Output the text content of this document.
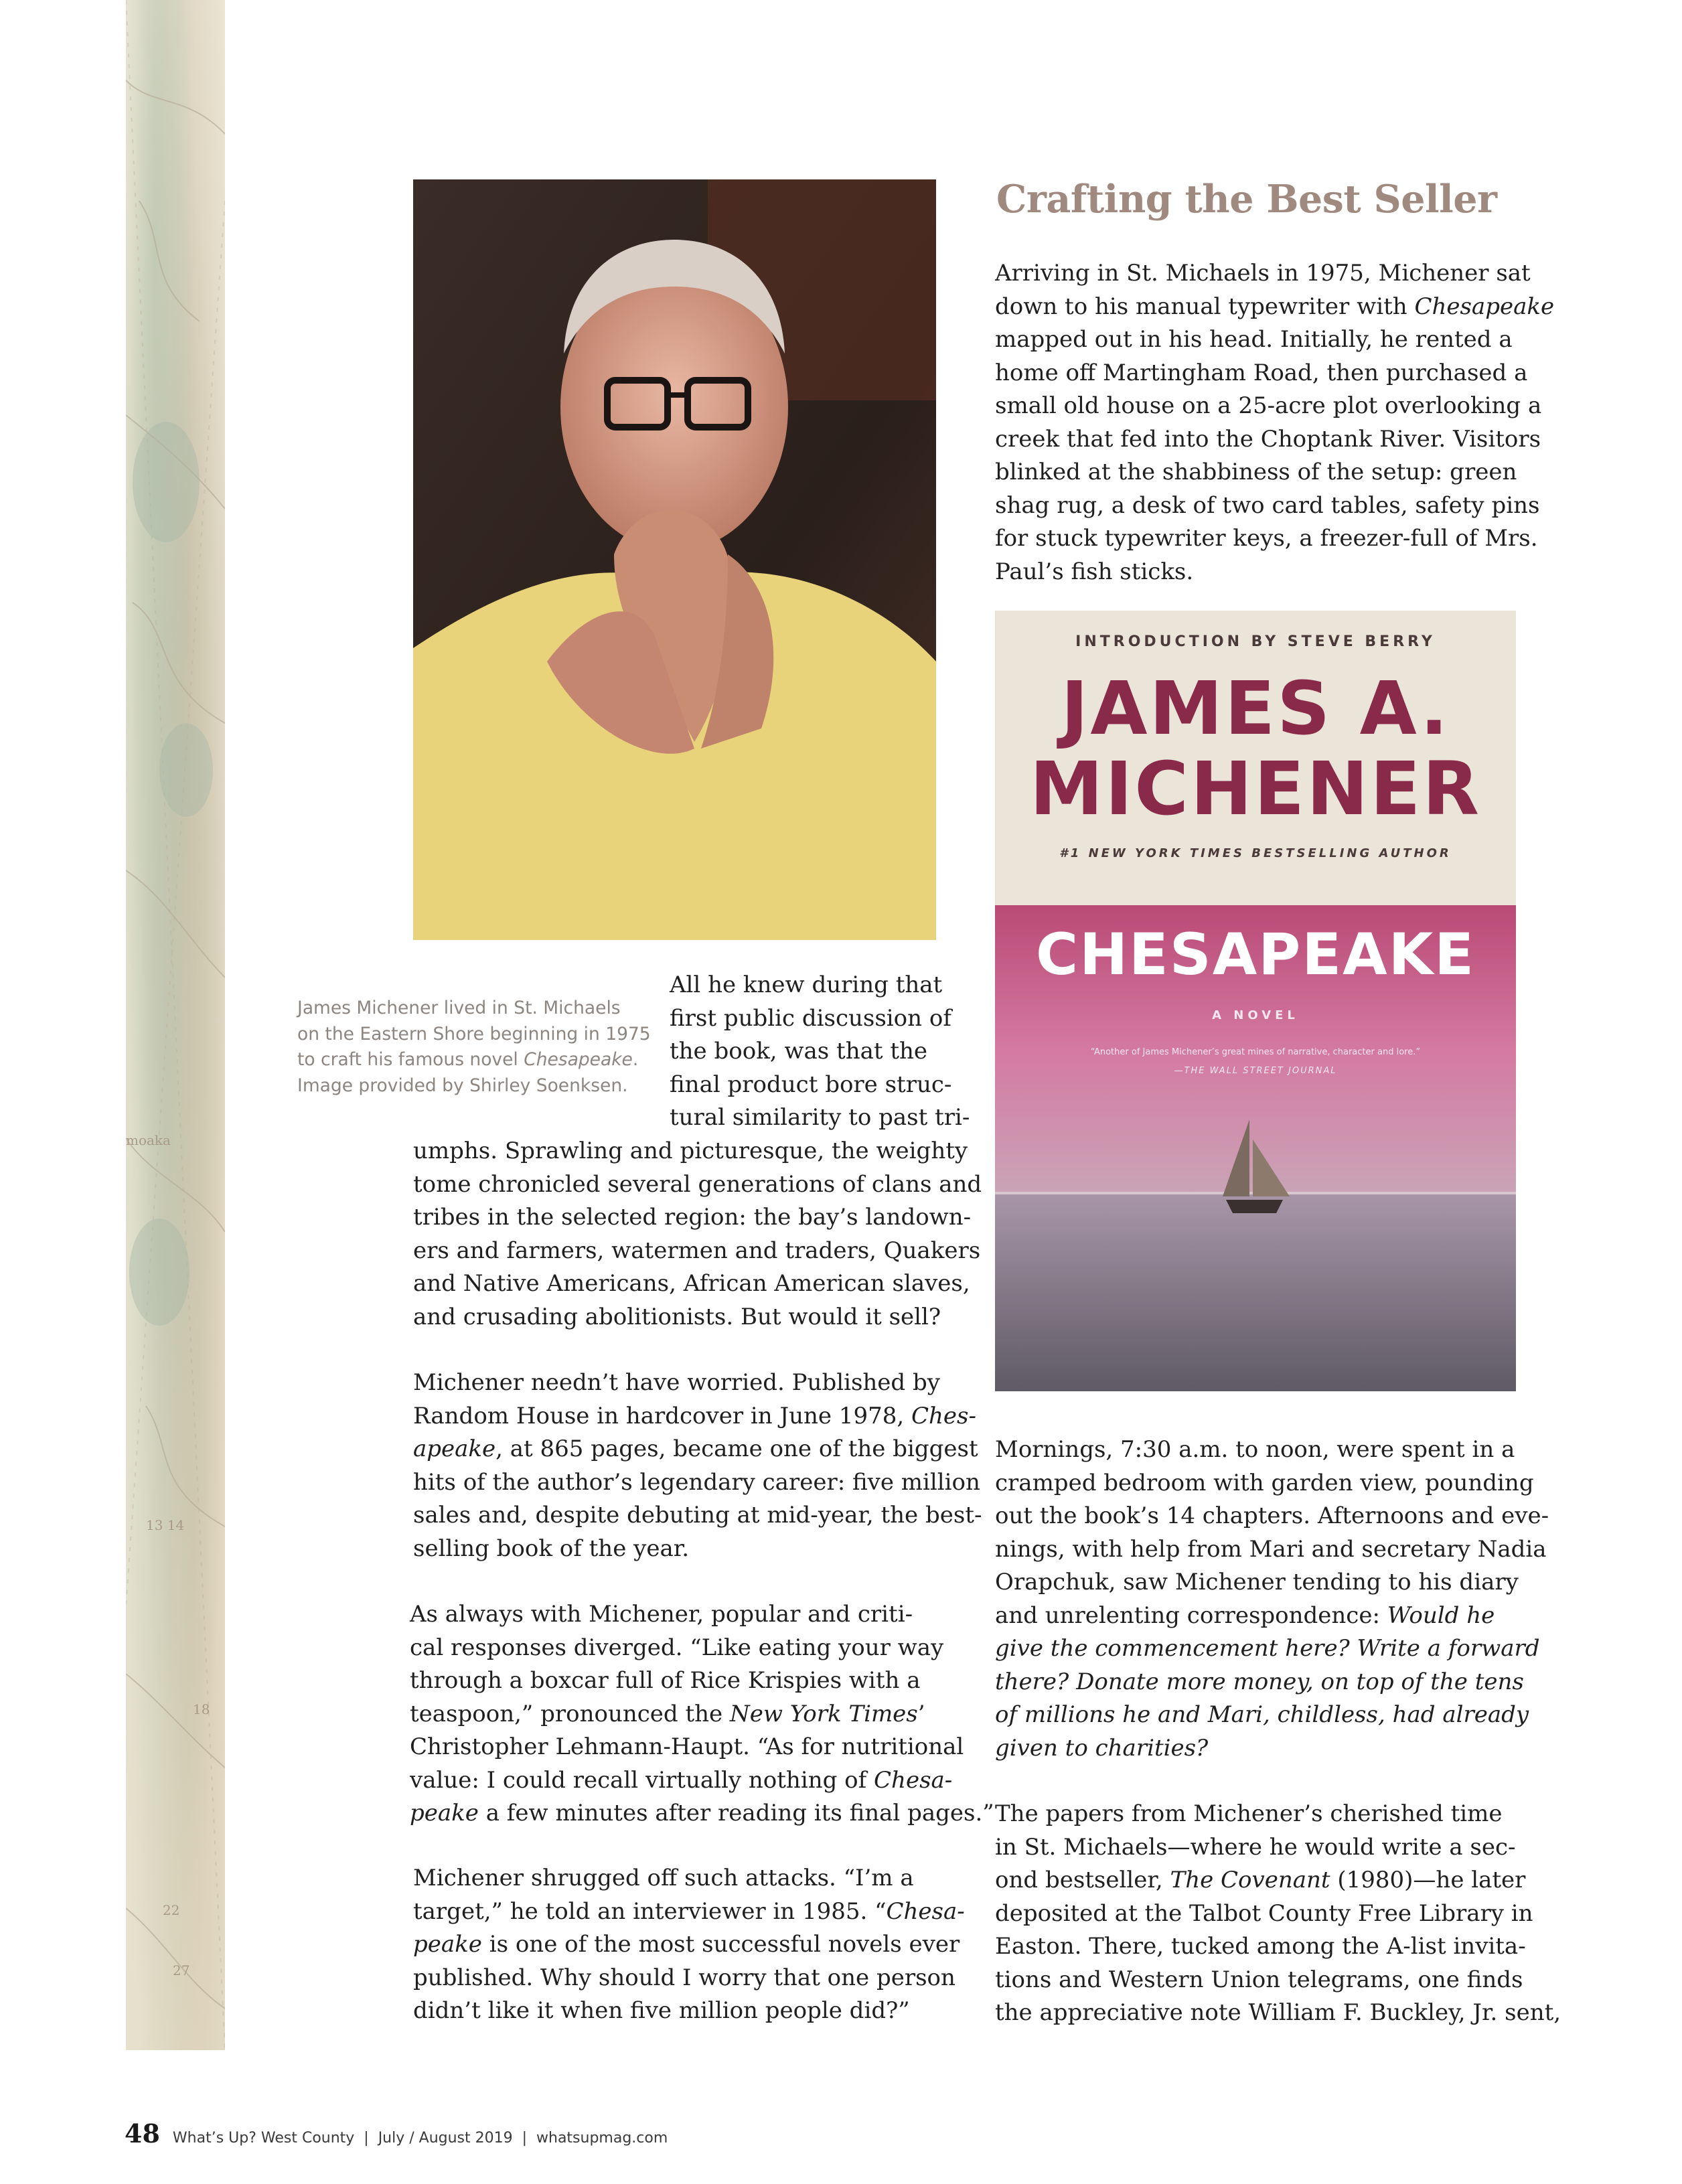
13 14
moaka
22
27
18
James Michener lived in St. Michaels
on the Eastern Shore beginning in 1975
to craft his famous novel Chesapeake.
Image provided by Shirley Soenksen.
Crafting the Best Seller
Arriving in St. Michaels in 1975, Michener sat
down to his manual typewriter with Chesapeake
mapped out in his head. Initially, he rented a
home off Martingham Road, then purchased a
small old house on a 25-acre plot overlooking a
creek that fed into the Choptank River. Visitors
blinked at the shabbiness of the setup: green
shag rug, a desk of two card tables, safety pins
for stuck typewriter keys, a freezer-full of Mrs.
Paul’s fish sticks.
INTRODUCTION BY STEVE BERRY
JAMES A.
MICHENER
#1 NEW YORK TIMES BESTSELLING AUTHOR
CHESAPEAKE
A NOVEL
“Another of James Michener’s great mines of narrative, character and lore.”
—THE WALL STREET JOURNAL
All he knew during that
first public discussion of
the book, was that the
final product bore struc-
tural similarity to past tri-
umphs. Sprawling and picturesque, the weighty
tome chronicled several generations of clans and
tribes in the selected region: the bay’s landown-
ers and farmers, watermen and traders, Quakers
and Native Americans, African American slaves,
and crusading abolitionists. But would it sell?
Michener needn’t have worried. Published by
Random House in hardcover in June 1978, Ches-
apeake, at 865 pages, became one of the biggest
hits of the author’s legendary career: five million
sales and, despite debuting at mid-year, the best-
selling book of the year.
As always with Michener, popular and criti-
cal responses diverged. “Like eating your way
through a boxcar full of Rice Krispies with a
teaspoon,” pronounced the New York Times’
Christopher Lehmann-Haupt. “As for nutritional
value: I could recall virtually nothing of Chesa-
peake a few minutes after reading its final pages.”
Michener shrugged off such attacks. “I’m a
target,” he told an interviewer in 1985. “Chesa-
peake is one of the most successful novels ever
published. Why should I worry that one person
didn’t like it when five million people did?”
Mornings, 7:30 a.m. to noon, were spent in a
cramped bedroom with garden view, pounding
out the book’s 14 chapters. Afternoons and eve-
nings, with help from Mari and secretary Nadia
Orapchuk, saw Michener tending to his diary
and unrelenting correspondence: Would he
give the commencement here? Write a forward
there? Donate more money, on top of the tens
of millions he and Mari, childless, had already
given to charities?
The papers from Michener’s cherished time
in St. Michaels—where he would write a sec-
ond bestseller, The Covenant (1980)—he later
deposited at the Talbot County Free Library in
Easton. There, tucked among the A-list invita-
tions and Western Union telegrams, one finds
the appreciative note William F. Buckley, Jr. sent,
48 What’s Up? West County  |  July / August 2019  |  whatsupmag.com
